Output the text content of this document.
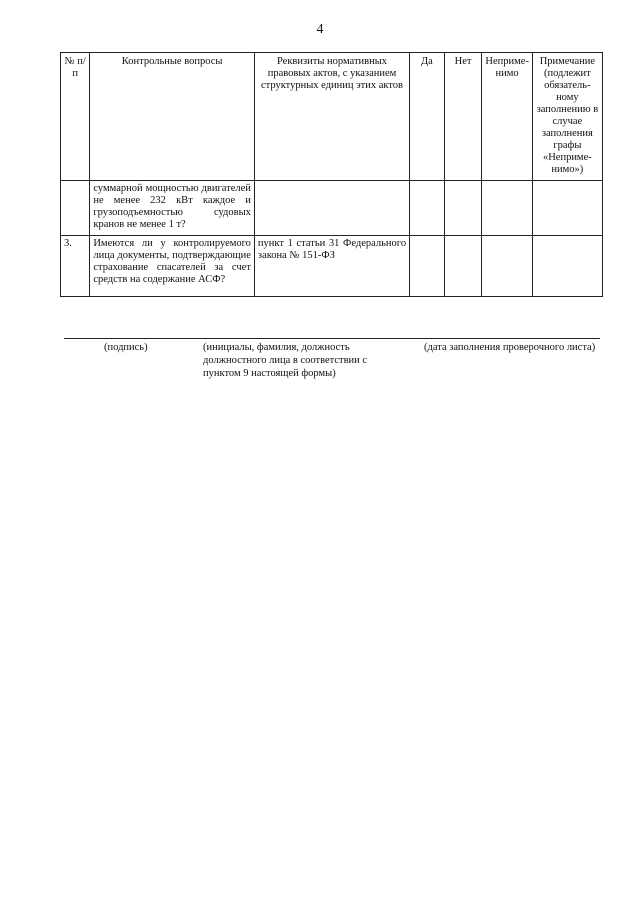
4
№ п/п	Контрольные вопросы	Реквизиты нормативных правовых актов, с указанием структурных единиц этих актов	Да	Нет	Неприме-нимо	Примечание (подлежит обязатель-ному заполнению в случае заполнения графы «Неприме-нимо»)
	суммарной мощностью двигателей не менее 232 кВт каждое и грузоподъемностью судовых кранов не менее 1 т?					
3.	Имеются ли у контролируемого лица документы, подтверждающие страхование спасателей за счет средств на содержание АСФ?	пункт 1 статьи 31 Федерального закона № 151-ФЗ				
(подпись)	(инициалы, фамилия, должность должностного лица в соответствии с пунктом 9 настоящей формы)
(дата заполнения проверочного листа)
